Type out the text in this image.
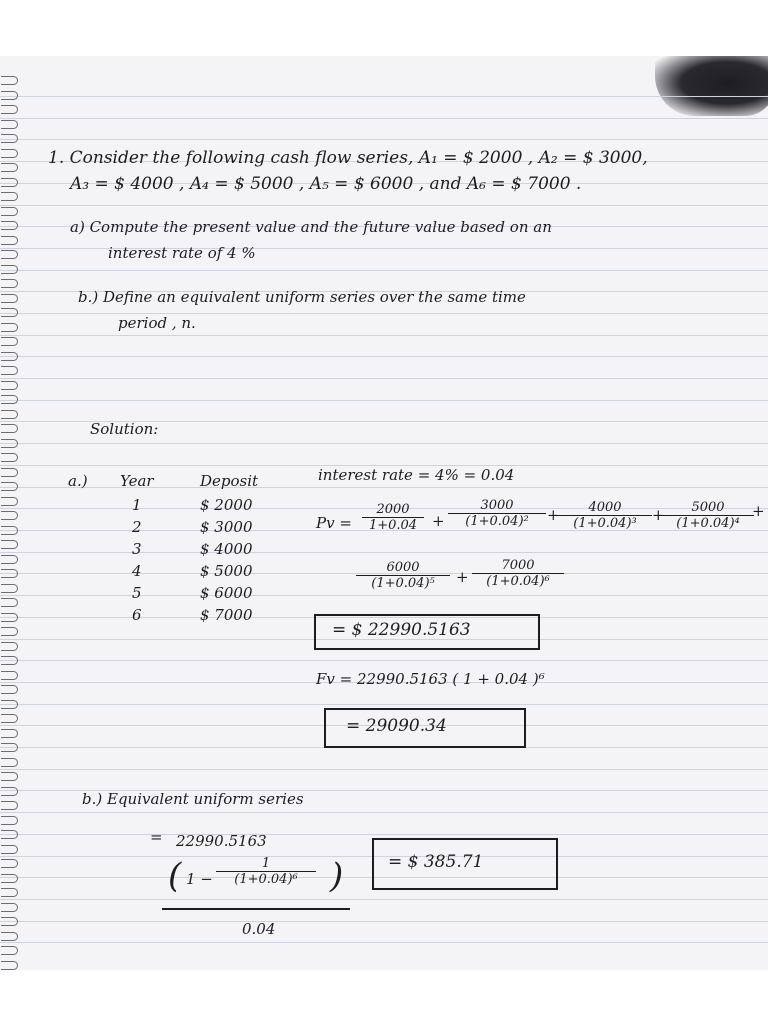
1. Consider the following cash flow series, A₁ = $ 2000 , A₂ = $ 3000,
A₃ = $ 4000 , A₄ = $ 5000 , A₅ = $ 6000 , and A₆ = $ 7000 .
a) Compute the present value and the future value based on an
interest rate of 4 %
b.) Define an equivalent uniform series over the same time
period , n.
Solution:
a.) Year	Deposit
1	$ 2000
2	$ 3000
3	$ 4000
4	$ 5000
5	$ 6000
6	$ 7000
interest rate = 4% = 0.04
$Pv = \frac{2000}{1+0.04} + \frac{3000}{\text{(1+0.04)²}}$ +
$\frac{4000}{\text{(1+0.04)³}}$ +
$\frac{5000}{\text{(1+0.04)⁴}}$
+
$\frac{6000}{\text{(1+0.04)⁵}} + \frac{7000}{\text{(1+0.04)⁶}}$
= $ 22990.5163
Fv = 22990.5163 ( 1 + 0.04 )⁶
= 29090.34
b.) Equivalent uniform series
= 22990.5163
( $1 - \frac{1}{\text{(1+0.04)⁶}}$ )
0.04
= $ 385.71
